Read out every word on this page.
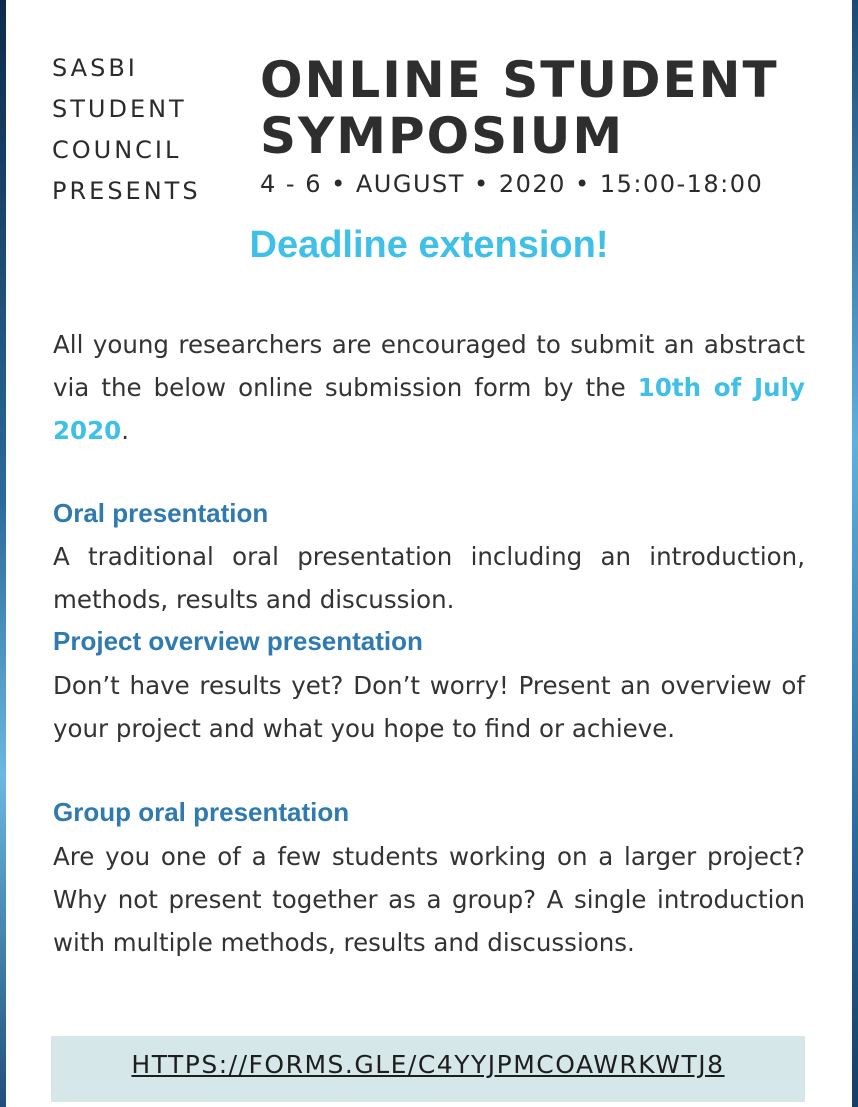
SASBI
STUDENT
COUNCIL
PRESENTS
ONLINE STUDENT
SYMPOSIUM
4 - 6 • AUGUST • 2020 • 15:00-18:00
Deadline extension!
All young researchers are encouraged to submit an abstract via the below online submission form by the 10th of July 2020.
Oral presentation
A traditional oral presentation including an introduction, methods, results and discussion.
Project overview presentation
Don’t have results yet? Don’t worry! Present an overview of your project and what you hope to find or achieve.
Group oral presentation
Are you one of a few students working on a larger project? Why not present together as a group? A single introduction with multiple methods, results and discussions.
HTTPS://FORMS.GLE/C4YYJPMCOAWRKWTJ8
